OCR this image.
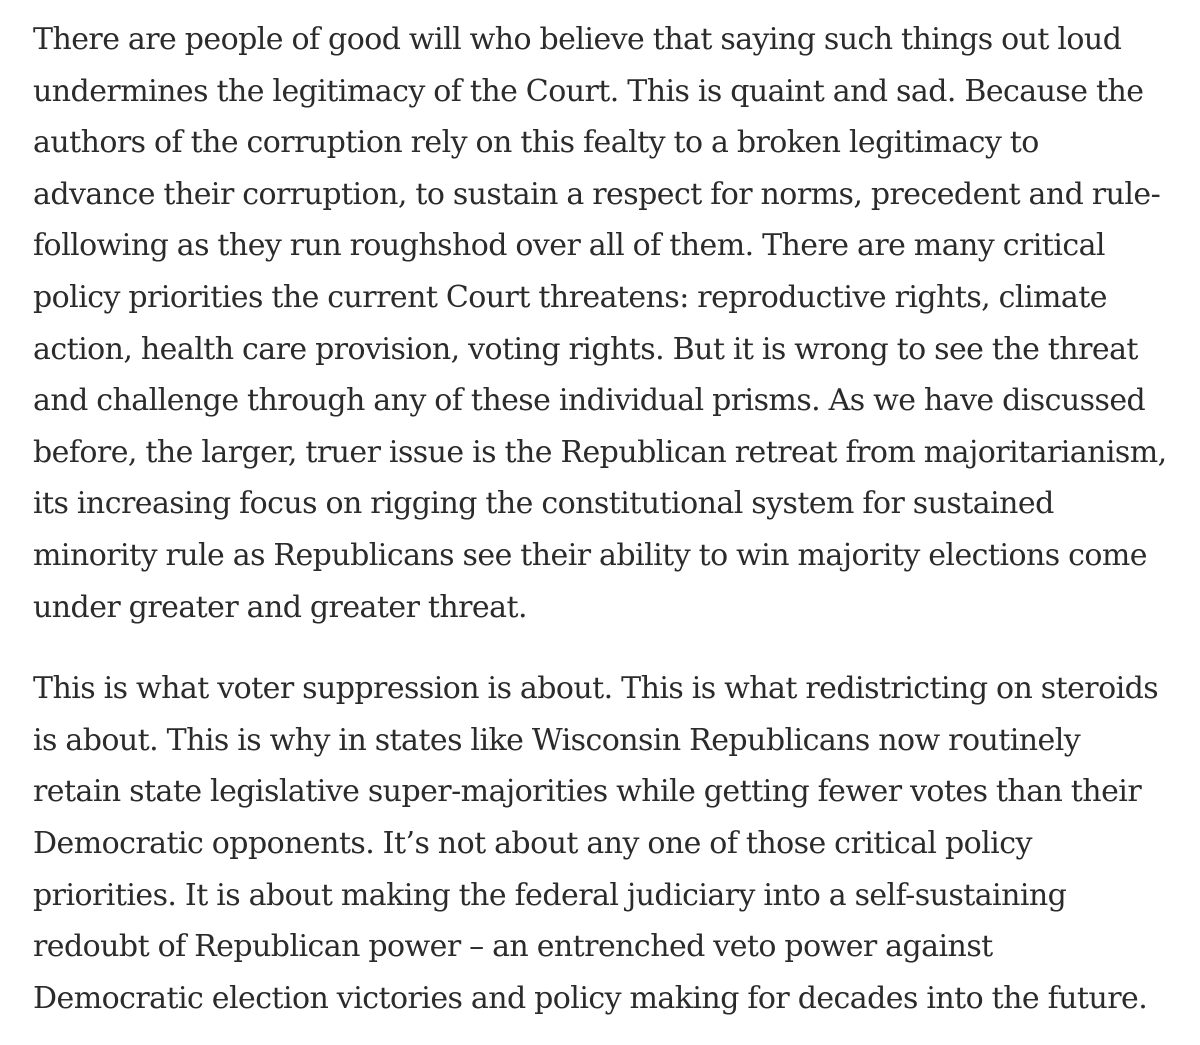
There are people of good will who believe that saying such things out loud
undermines the legitimacy of the Court. This is quaint and sad. Because the
authors of the corruption rely on this fealty to a broken legitimacy to
advance their corruption, to sustain a respect for norms, precedent and rule-
following as they run roughshod over all of them. There are many critical
policy priorities the current Court threatens: reproductive rights, climate
action, health care provision, voting rights. But it is wrong to see the threat
and challenge through any of these individual prisms. As we have discussed
before, the larger, truer issue is the Republican retreat from majoritarianism,
its increasing focus on rigging the constitutional system for sustained
minority rule as Republicans see their ability to win majority elections come
under greater and greater threat.

This is what voter suppression is about. This is what redistricting on steroids
is about. This is why in states like Wisconsin Republicans now routinely
retain state legislative super-majorities while getting fewer votes than their
Democratic opponents. It’s not about any one of those critical policy
priorities. It is about making the federal judiciary into a self-sustaining
redoubt of Republican power – an entrenched veto power against
Democratic election victories and policy making for decades into the future.
